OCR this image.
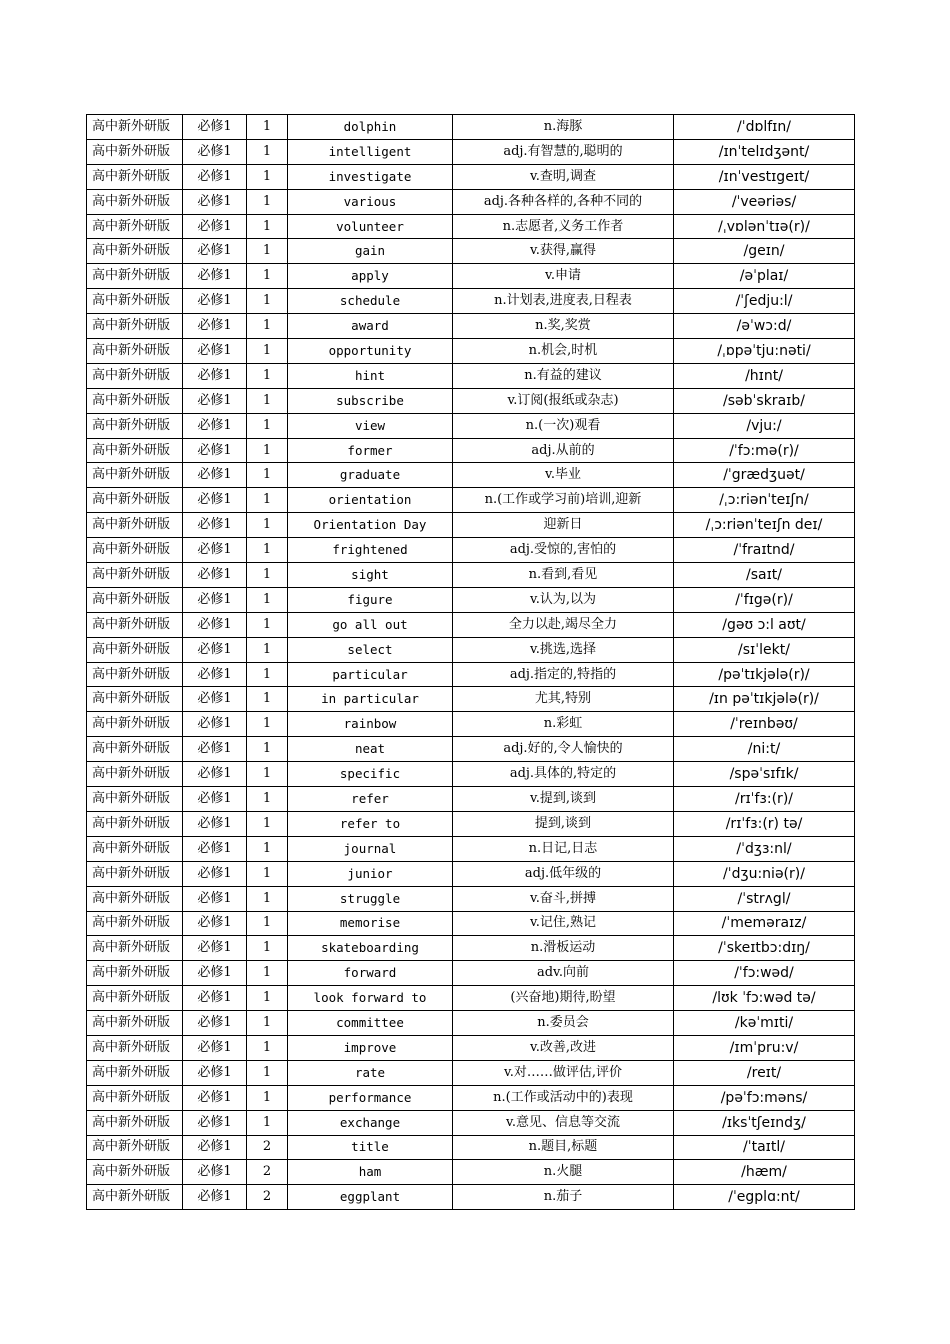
高中新外研版	必修1	1	dolphin	n.海豚	/ˈdɒlfɪn/
高中新外研版	必修1	1	intelligent	adj.有智慧的,聪明的	/ɪnˈtelɪdʒənt/
高中新外研版	必修1	1	investigate	v.查明,调查	/ɪnˈvestɪgeɪt/
高中新外研版	必修1	1	various	adj.各种各样的,各种不同的	/ˈveəriəs/
高中新外研版	必修1	1	volunteer	n.志愿者,义务工作者	/ˌvɒlənˈtɪə(r)/
高中新外研版	必修1	1	gain	v.获得,赢得	/geɪn/
高中新外研版	必修1	1	apply	v.申请	/əˈplaɪ/
高中新外研版	必修1	1	schedule	n.计划表,进度表,日程表	/ˈʃedju:l/
高中新外研版	必修1	1	award	n.奖,奖赏	/əˈwɔ:d/
高中新外研版	必修1	1	opportunity	n.机会,时机	/ˌɒpəˈtju:nəti/
高中新外研版	必修1	1	hint	n.有益的建议	/hɪnt/
高中新外研版	必修1	1	subscribe	v.订阅(报纸或杂志)	/səbˈskraɪb/
高中新外研版	必修1	1	view	n.(一次)观看	/vju:/
高中新外研版	必修1	1	former	adj.从前的	/ˈfɔ:mə(r)/
高中新外研版	必修1	1	graduate	v.毕业	/ˈgrædʒuət/
高中新外研版	必修1	1	orientation	n.(工作或学习前)培训,迎新	/ˌɔ:riənˈteɪʃn/
高中新外研版	必修1	1	Orientation Day	迎新日	/ˌɔ:riənˈteɪʃn deɪ/
高中新外研版	必修1	1	frightened	adj.受惊的,害怕的	/ˈfraɪtnd/
高中新外研版	必修1	1	sight	n.看到,看见	/saɪt/
高中新外研版	必修1	1	figure	v.认为,以为	/ˈfɪgə(r)/
高中新外研版	必修1	1	go all out	全力以赴,竭尽全力	/gəʊ ɔ:l aʊt/
高中新外研版	必修1	1	select	v.挑选,选择	/sɪˈlekt/
高中新外研版	必修1	1	particular	adj.指定的,特指的	/pəˈtɪkjələ(r)/
高中新外研版	必修1	1	in particular	尤其,特别	/ɪn pəˈtɪkjələ(r)/
高中新外研版	必修1	1	rainbow	n.彩虹	/ˈreɪnbəʊ/
高中新外研版	必修1	1	neat	adj.好的,令人愉快的	/ni:t/
高中新外研版	必修1	1	specific	adj.具体的,特定的	/spəˈsɪfɪk/
高中新外研版	必修1	1	refer	v.提到,谈到	/rɪˈfɜ:(r)/
高中新外研版	必修1	1	refer to	提到,谈到	/rɪˈfɜ:(r) tə/
高中新外研版	必修1	1	journal	n.日记,日志	/ˈdʒɜ:nl/
高中新外研版	必修1	1	junior	adj.低年级的	/ˈdʒu:niə(r)/
高中新外研版	必修1	1	struggle	v.奋斗,拼搏	/ˈstrʌgl/
高中新外研版	必修1	1	memorise	v.记住,熟记	/ˈmeməraɪz/
高中新外研版	必修1	1	skateboarding	n.滑板运动	/ˈskeɪtbɔ:dɪŋ/
高中新外研版	必修1	1	forward	adv.向前	/ˈfɔ:wəd/
高中新外研版	必修1	1	look forward to	(兴奋地)期待,盼望	/lʊk ˈfɔ:wəd tə/
高中新外研版	必修1	1	committee	n.委员会	/kəˈmɪti/
高中新外研版	必修1	1	improve	v.改善,改进	/ɪmˈpru:v/
高中新外研版	必修1	1	rate	v.对……做评估,评价	/reɪt/
高中新外研版	必修1	1	performance	n.(工作或活动中的)表现	/pəˈfɔ:məns/
高中新外研版	必修1	1	exchange	v.意见、信息等交流	/ɪksˈtʃeɪndʒ/
高中新外研版	必修1	2	title	n.题目,标题	/ˈtaɪtl/
高中新外研版	必修1	2	ham	n.火腿	/hæm/
高中新外研版	必修1	2	eggplant	n.茄子	/ˈegplɑ:nt/
